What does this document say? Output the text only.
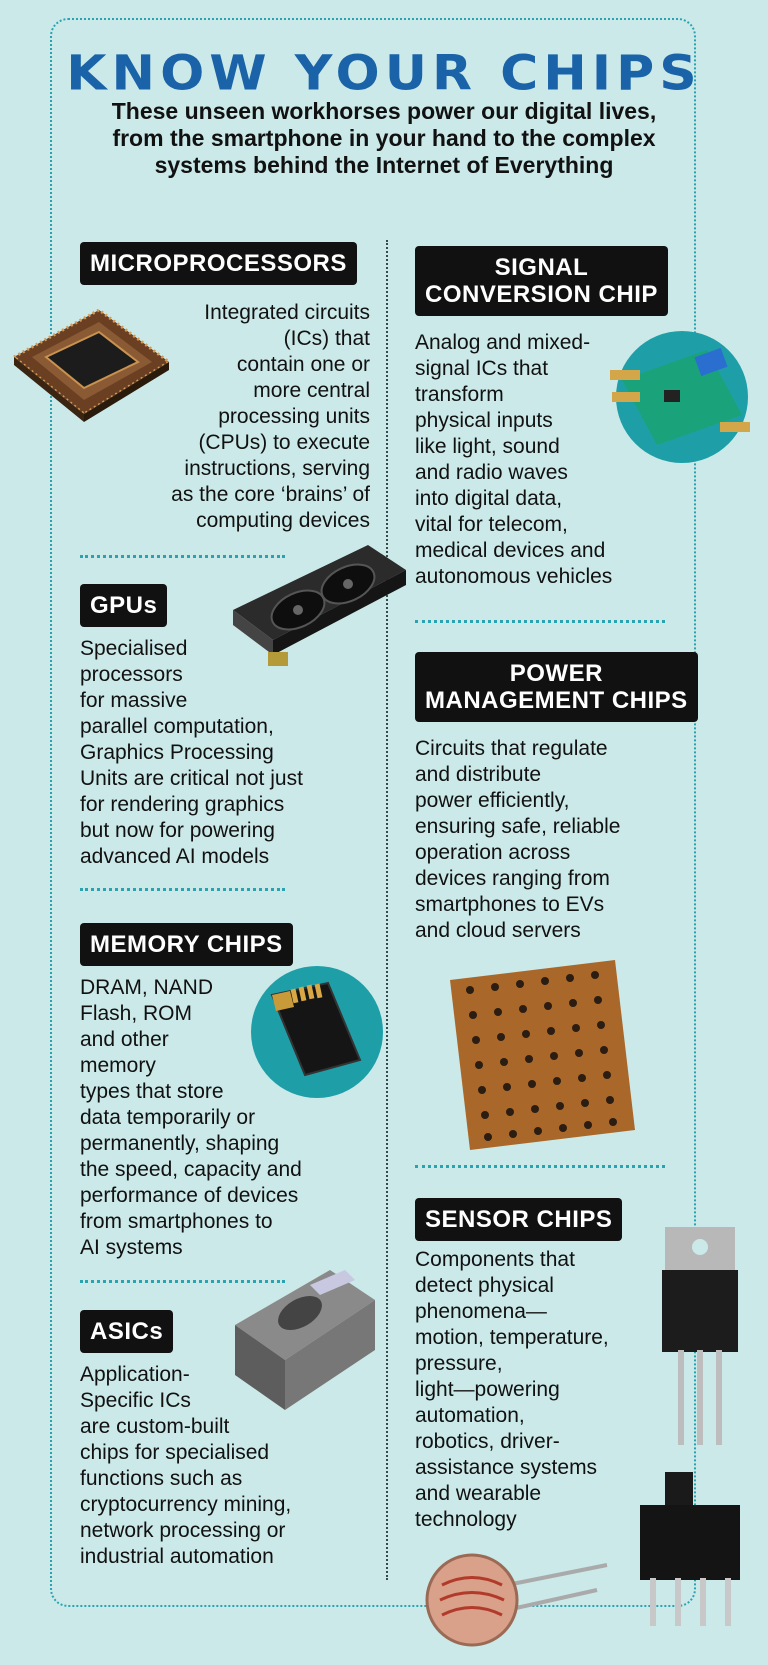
KNOW YOUR CHIPS
These unseen workhorses power our digital lives, from the smartphone in your hand to the complex systems behind the Internet of Everything
MICROPROCESSORS
Integrated circuits
(ICs) that
contain one or
more central
processing units
(CPUs) to execute
instructions, serving
as the core ‘brains’ of
computing devices
GPUs
Specialised
processors
for massive
parallel computation,
Graphics Processing
Units are critical not just
for rendering graphics
but now for powering
advanced AI models
MEMORY CHIPS
DRAM, NAND
Flash, ROM
and other
memory
types that store
data temporarily or
permanently, shaping
the speed, capacity and
performance of devices
from smartphones to
AI systems
ASICs
Application-
Specific ICs
are custom-built
chips for specialised
functions such as
cryptocurrency mining,
network processing or
industrial automation
SIGNAL
CONVERSION CHIP
Analog and mixed-
signal ICs that
transform
physical inputs
like light, sound
and radio waves
into digital data,
vital for telecom,
medical devices and
autonomous vehicles
POWER
MANAGEMENT CHIPS
Circuits that regulate
and distribute
power efficiently,
ensuring safe, reliable
operation across
devices ranging from
smartphones to EVs
and cloud servers
SENSOR CHIPS
Components that
detect physical
phenomena—
motion, temperature,
pressure,
light—powering
automation,
robotics, driver-
assistance systems
and wearable
technology
